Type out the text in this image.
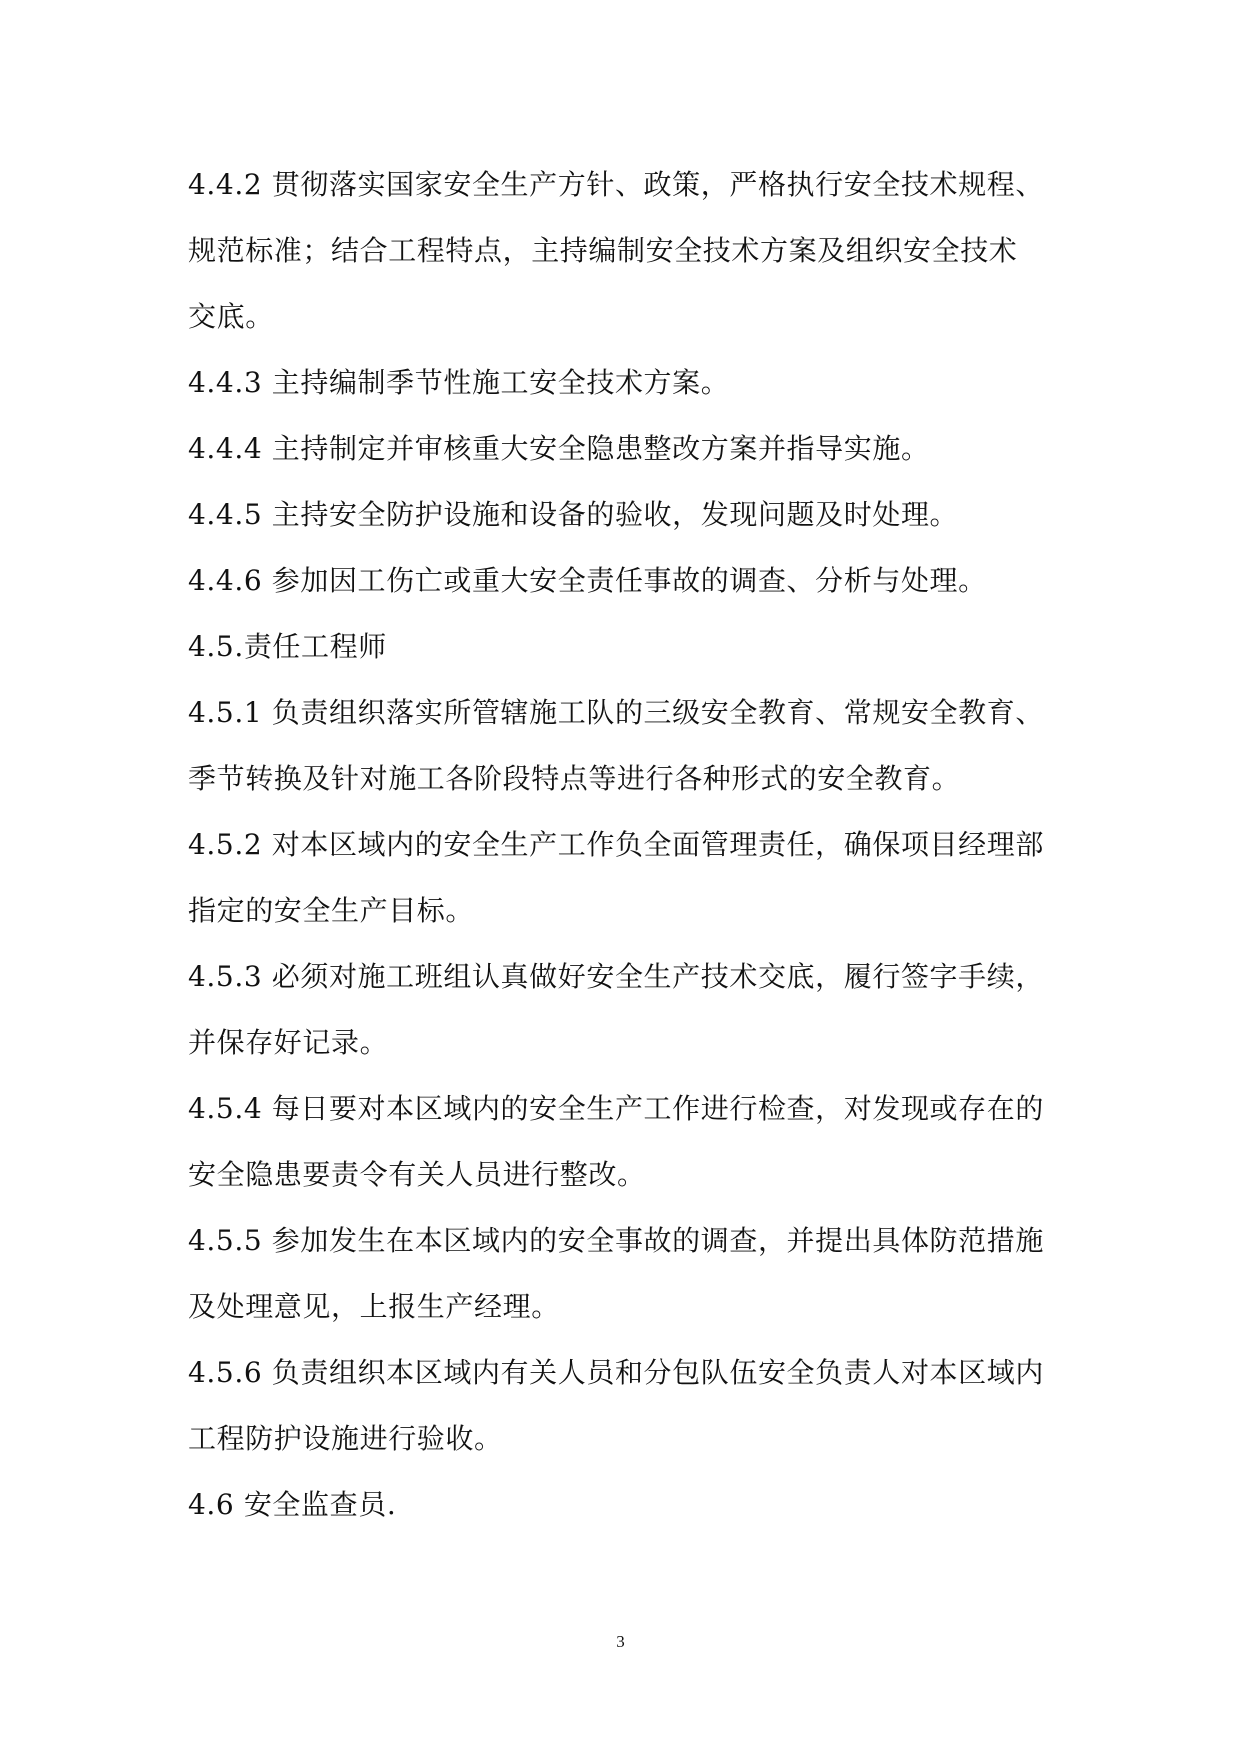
4.4.2 贯彻落实国家安全生产方针、政策，严格执行安全技术规程、
规范标准；结合工程特点，主持编制安全技术方案及组织安全技术
交底。
4.4.3 主持编制季节性施工安全技术方案。
4.4.4 主持制定并审核重大安全隐患整改方案并指导实施。
4.4.5 主持安全防护设施和设备的验收，发现问题及时处理。
4.4.6 参加因工伤亡或重大安全责任事故的调查、分析与处理。
4.5.责任工程师
4.5.1 负责组织落实所管辖施工队的三级安全教育、常规安全教育、
季节转换及针对施工各阶段特点等进行各种形式的安全教育。
4.5.2 对本区域内的安全生产工作负全面管理责任，确保项目经理部
指定的安全生产目标。
4.5.3 必须对施工班组认真做好安全生产技术交底，履行签字手续，
并保存好记录。
4.5.4 每日要对本区域内的安全生产工作进行检查，对发现或存在的
安全隐患要责令有关人员进行整改。
4.5.5 参加发生在本区域内的安全事故的调查，并提出具体防范措施
及处理意见，上报生产经理。
4.5.6 负责组织本区域内有关人员和分包队伍安全负责人对本区域内
工程防护设施进行验收。
4.6 安全监查员.
3
